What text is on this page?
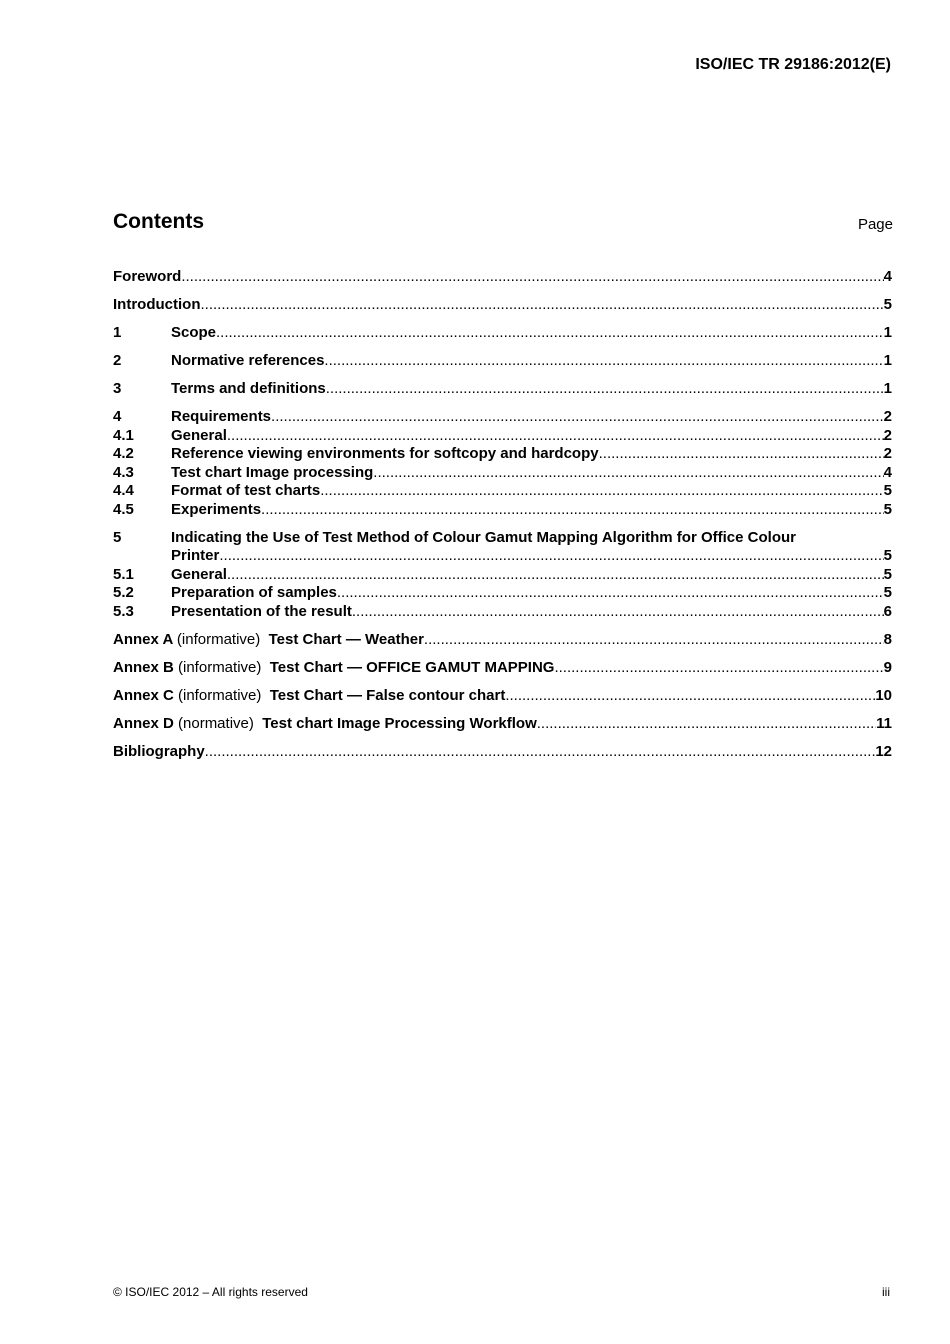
ISO/IEC TR 29186:2012(E)
Contents	Page
Foreword .....	4
Introduction .....	5
1	Scope .....	1
2	Normative references .....	1
3	Terms and definitions .....	1
4	Requirements .....	2
4.1	General .....	2
4.2	Reference viewing environments for softcopy and hardcopy .....	2
4.3	Test chart Image processing .....	4
4.4	Format of test charts .....	5
4.5	Experiments .....	5
5	Indicating the Use of Test Method of Colour Gamut Mapping Algorithm for Office Colour
Printer .....	5
5.1	General .....	5
5.2	Preparation of samples .....	5
5.3	Presentation of the result .....	6
Annex A (informative) Test Chart — Weather .....	8
Annex B (informative) Test Chart — OFFICE GAMUT MAPPING .....	9
Annex C (informative) Test Chart — False contour chart .....	10
Annex D (normative) Test chart Image Processing Workflow .....	11
Bibliography .....	12
© ISO/IEC 2012 – All rights reserved	iii
